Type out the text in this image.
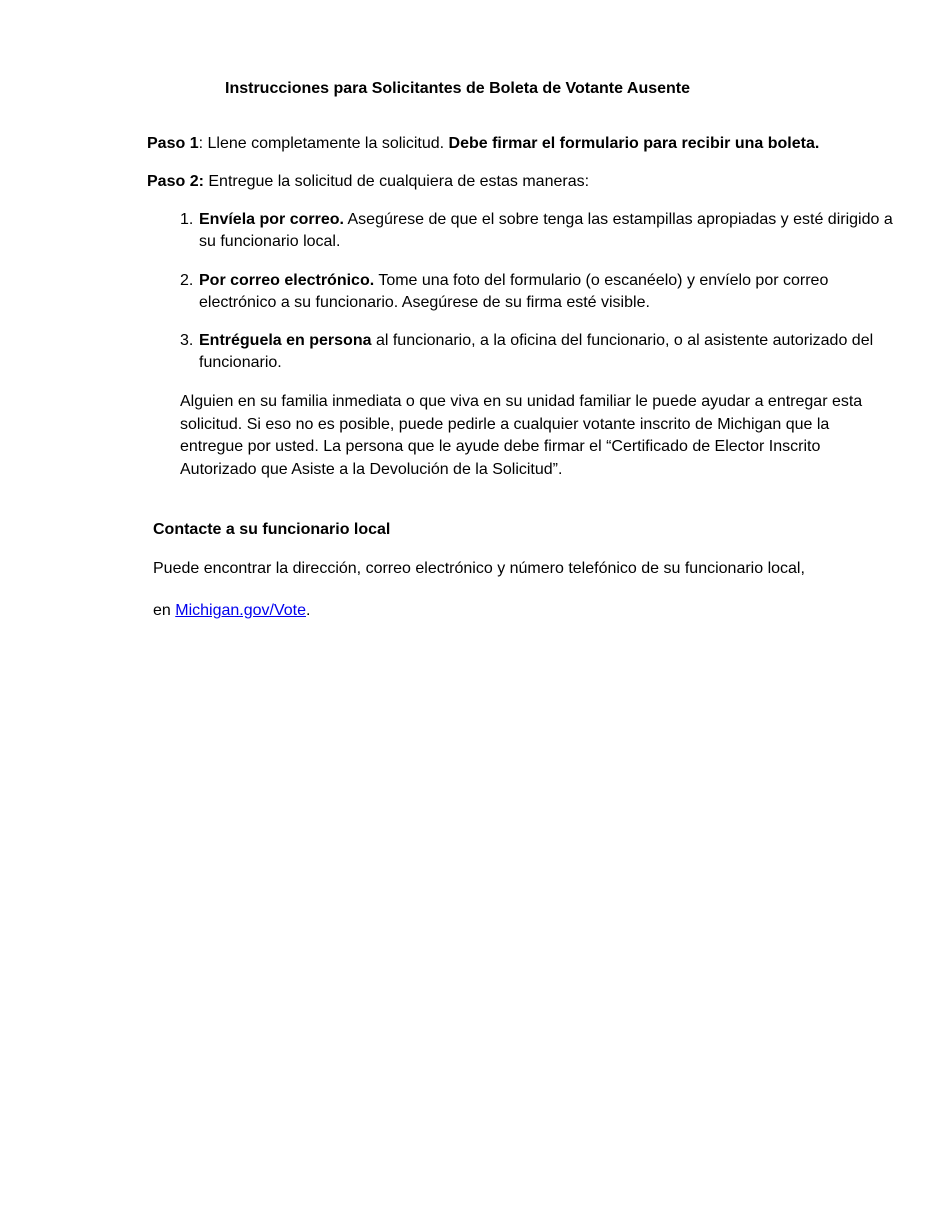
Instrucciones para Solicitantes de Boleta de Votante Ausente
Paso 1: Llene completamente la solicitud. Debe firmar el formulario para recibir una boleta.
Paso 2: Entregue la solicitud de cualquiera de estas maneras:
1. Envíela por correo. Asegúrese de que el sobre tenga las estampillas apropiadas y esté dirigido a su funcionario local.
2. Por correo electrónico. Tome una foto del formulario (o escanéelo) y envíelo por correo electrónico a su funcionario. Asegúrese de su firma esté visible.
3. Entréguela en persona al funcionario, a la oficina del funcionario, o al asistente autorizado del funcionario.
Alguien en su familia inmediata o que viva en su unidad familiar le puede ayudar a entregar esta solicitud. Si eso no es posible, puede pedirle a cualquier votante inscrito de Michigan que la entregue por usted. La persona que le ayude debe firmar el “Certificado de Elector Inscrito Autorizado que Asiste a la Devolución de la Solicitud”.
Contacte a su funcionario local
Puede encontrar la dirección, correo electrónico y número telefónico de su funcionario local,
en Michigan.gov/Vote.
